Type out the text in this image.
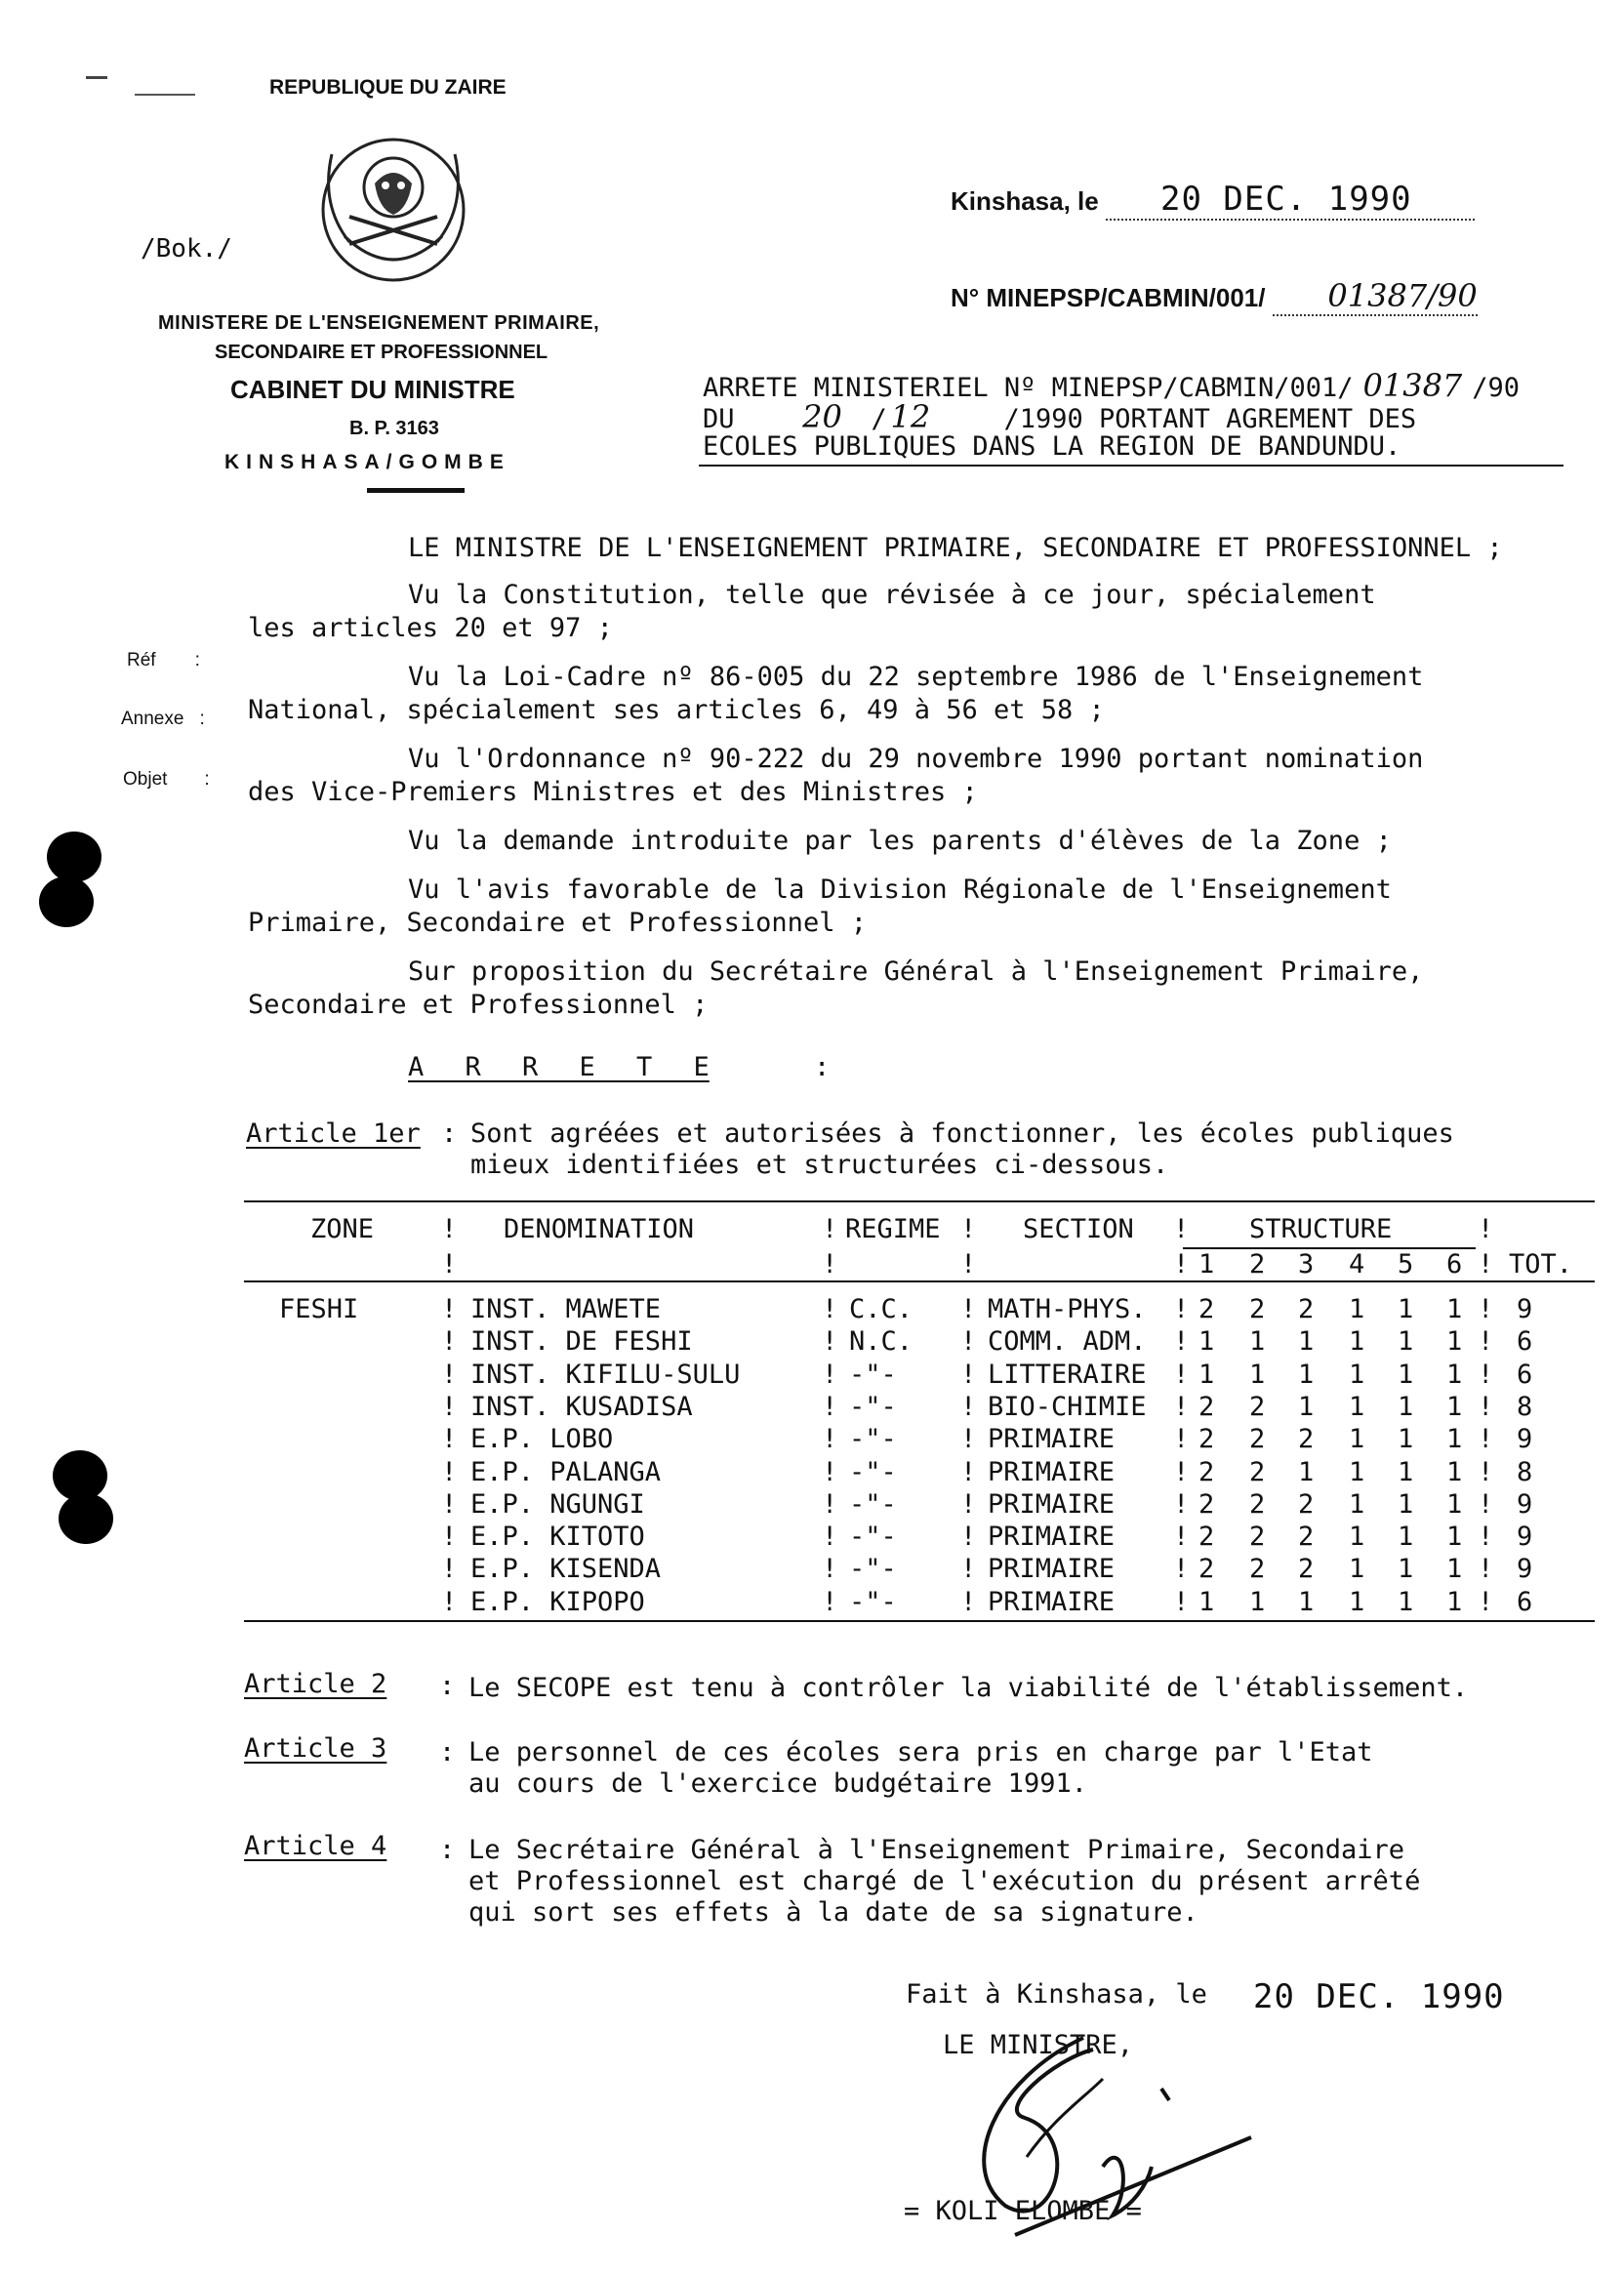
REPUBLIQUE DU ZAIRE
/Bok./
MINISTERE DE L'ENSEIGNEMENT PRIMAIRE,
SECONDAIRE ET PROFESSIONNEL
CABINET DU MINISTRE
B. P. 3163
KINSHASA/GOMBE
Kinshasa, le 20 DEC. 1990
N° MINEPSP/CABMIN/001/ 01387/90
ARRETE MINISTERIEL Nº MINEPSP/CABMIN/001/ 01387 /90
DU 20 / 12	/1990 PORTANT AGREMENT DES
ECOLES PUBLIQUES DANS LA REGION DE BANDUNDU.
LE MINISTRE DE L'ENSEIGNEMENT PRIMAIRE, SECONDAIRE ET PROFESSIONNEL ;
Vu la Constitution, telle que révisée à ce jour, spécialement
les articles 20 et 97 ;
Réf :
Annexe :
Objet :
Vu la Loi-Cadre nº 86-005 du 22 septembre 1986 de l'Enseignement
National, spécialement ses articles 6, 49 à 56 et 58 ;
Vu l'Ordonnance nº 90-222 du 29 novembre 1990 portant nomination
des Vice-Premiers Ministres et des Ministres ;
Vu la demande introduite par les parents d'élèves de la Zone ;
Vu l'avis favorable de la Division Régionale de l'Enseignement
Primaire, Secondaire et Professionnel ;
Sur proposition du Secrétaire Général à l'Enseignement Primaire,
Secondaire et Professionnel ;
A R R E T E	:
Article 1er : Sont agréées et autorisées à fonctionner, les écoles publiques
mieux identifiées et structurées ci-dessous.
ZONE	! DENOMINATION	! REGIME ! SECTION ! STRUCTURE	!
!	!	!	! 1 2 3 4 5 6 ! TOT.
FESHI	! INST. MAWETE	! C.C. ! MATH-PHYS. ! 2 2 2 1 1 1 ! 9
! INST. DE FESHI	! N.C. ! COMM. ADM. ! 1 1 1 1 1 1 ! 6
! INST. KIFILU-SULU	! -"- ! LITTERAIRE ! 1 1 1 1 1 1 ! 6
! INST. KUSADISA	! -"- ! BIO-CHIMIE ! 2 2 1 1 1 1 ! 8
! E.P. LOBO	! -"- ! PRIMAIRE ! 2 2 2 1 1 1 ! 9
! E.P. PALANGA	! -"- ! PRIMAIRE ! 2 2 1 1 1 1 ! 8
! E.P. NGUNGI	! -"- ! PRIMAIRE ! 2 2 2 1 1 1 ! 9
! E.P. KITOTO	! -"- ! PRIMAIRE ! 2 2 2 1 1 1 ! 9
! E.P. KISENDA	! -"- ! PRIMAIRE ! 2 2 2 1 1 1 ! 9
! E.P. KIPOPO	! -"- ! PRIMAIRE ! 1 1 1 1 1 1 ! 6
Article 2 : Le SECOPE est tenu à contrôler la viabilité de l'établissement.
Article 3 : Le personnel de ces écoles sera pris en charge par l'Etat
au cours de l'exercice budgétaire 1991.
Article 4 : Le Secrétaire Général à l'Enseignement Primaire, Secondaire
et Professionnel est chargé de l'exécution du présent arrêté
qui sort ses effets à la date de sa signature.
Fait à Kinshasa, le 20 DEC. 1990
LE MINISTRE,
= KOLI ELOMBE =
